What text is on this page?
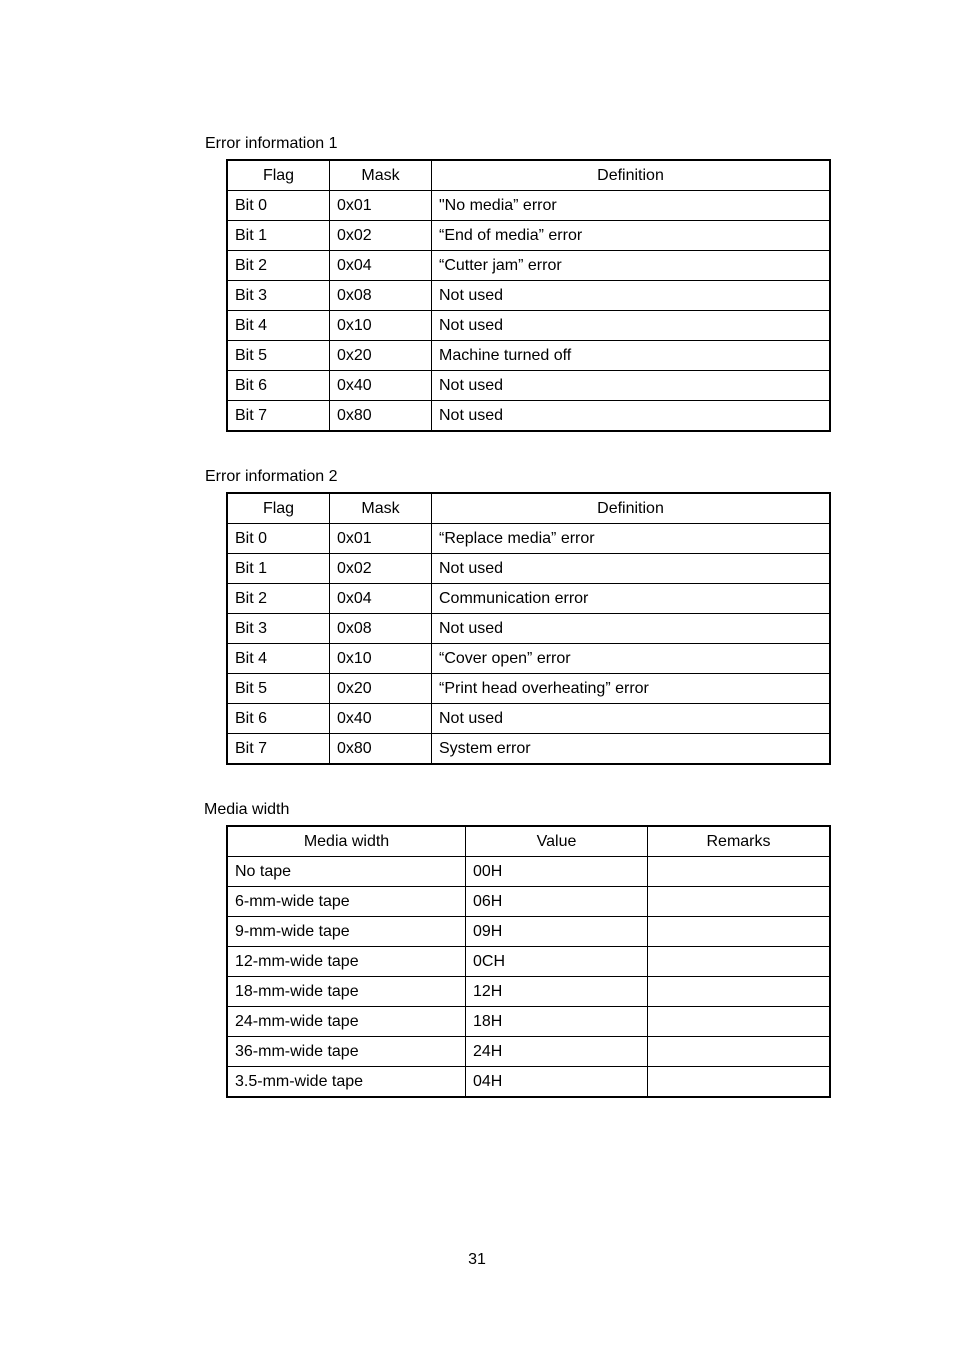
Error information 1
Flag	Mask	Definition
Bit 0	0x01	"No media” error
Bit 1	0x02	“End of media” error
Bit 2	0x04	“Cutter jam” error
Bit 3	0x08	Not used
Bit 4	0x10	Not used
Bit 5	0x20	Machine turned off
Bit 6	0x40	Not used
Bit 7	0x80	Not used
Error information 2
Flag	Mask	Definition
Bit 0	0x01	“Replace media” error
Bit 1	0x02	Not used
Bit 2	0x04	Communication error
Bit 3	0x08	Not used
Bit 4	0x10	“Cover open” error
Bit 5	0x20	“Print head overheating” error
Bit 6	0x40	Not used
Bit 7	0x80	System error
Media width
Media width	Value	Remarks
No tape	00H	
6-mm-wide tape	06H	
9-mm-wide tape	09H	
12-mm-wide tape	0CH	
18-mm-wide tape	12H	
24-mm-wide tape	18H	
36-mm-wide tape	24H	
3.5-mm-wide tape	04H	
31
